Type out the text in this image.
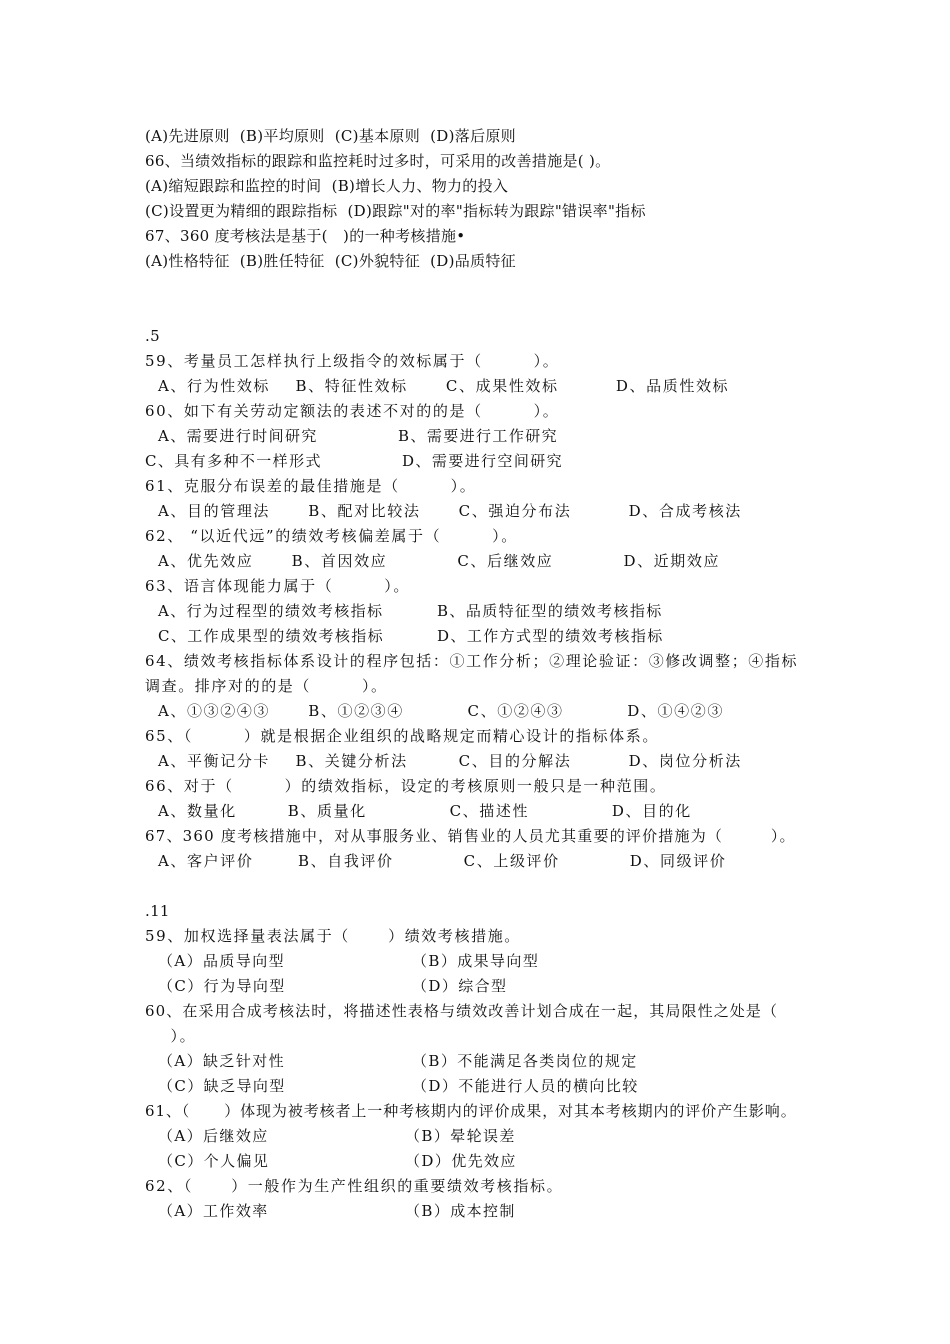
(A)先进原则  (B)平均原则  (C)基本原则  (D)落后原则
66、当绩效指标的跟踪和监控耗时过多时，可采用的改善措施是( )。
(A)缩短跟踪和监控的时间  (B)增长人力、物力的投入
(C)设置更为精细的跟踪指标  (D)跟踪"对的率"指标转为跟踪"错误率"指标
67、360 度考核法是基于(   )的一种考核措施•
(A)性格特征  (B)胜任特征  (C)外貌特征  (D)品质特征
.5
59、考量员工怎样执行上级指令的效标属于（        ）。
A、行为性效标    B、特征性效标      C、成果性效标         D、品质性效标
60、如下有关劳动定额法的表述不对的的是（        ）。
A、需要进行时间研究	B、需要进行工作研究
C、具有多种不一样形式	D、需要进行空间研究
61、克服分布误差的最佳措施是（        ）。
A、目的管理法      B、配对比较法      C、强迫分布法         D、合成考核法
62、 “以近代远”的绩效考核偏差属于（        ）。
A、优先效应      B、首因效应           C、后继效应           D、近期效应
63、语言体现能力属于（        ）。
A、行为过程型的绩效考核指标	B、品质特征型的绩效考核指标
C、工作成果型的绩效考核指标	D、工作方式型的绩效考核指标
64、绩效考核指标体系设计的程序包括：①工作分析；②理论验证：③修改调整；④指标
调查。排序对的的是（        ）。
A、①③②④③      B、①②③④          C、①②④③          D、①④②③
65、（        ）就是根据企业组织的战略规定而精心设计的指标体系。
A、平衡记分卡    B、关键分析法        C、目的分解法         D、岗位分析法
66、对于（        ）的绩效指标，设定的考核原则一般只是一种范围。
A、数量化        B、质量化             C、描述性             D、目的化
67、360 度考核措施中，对从事服务业、销售业的人员尤其重要的评价措施为（        ）。
A、客户评价       B、自我评价           C、上级评价           D、同级评价
.11
59、加权选择量表法属于（      ）绩效考核措施。
（A）品质导向型	（B）成果导向型
（C）行为导向型	（D）综合型
60、在采用合成考核法时，将描述性表格与绩效改善计划合成在一起，其局限性之处是（
）。
（A）缺乏针对性	（B）不能满足各类岗位的规定
（C）缺乏导向型	（D）不能进行人员的横向比较
61、（      ）体现为被考核者上一种考核期内的评价成果，对其本考核期内的评价产生影响。
（A）后继效应	（B）晕轮误差
（C）个人偏见	（D）优先效应
62、（      ）一般作为生产性组织的重要绩效考核指标。
（A）工作效率	（B）成本控制
